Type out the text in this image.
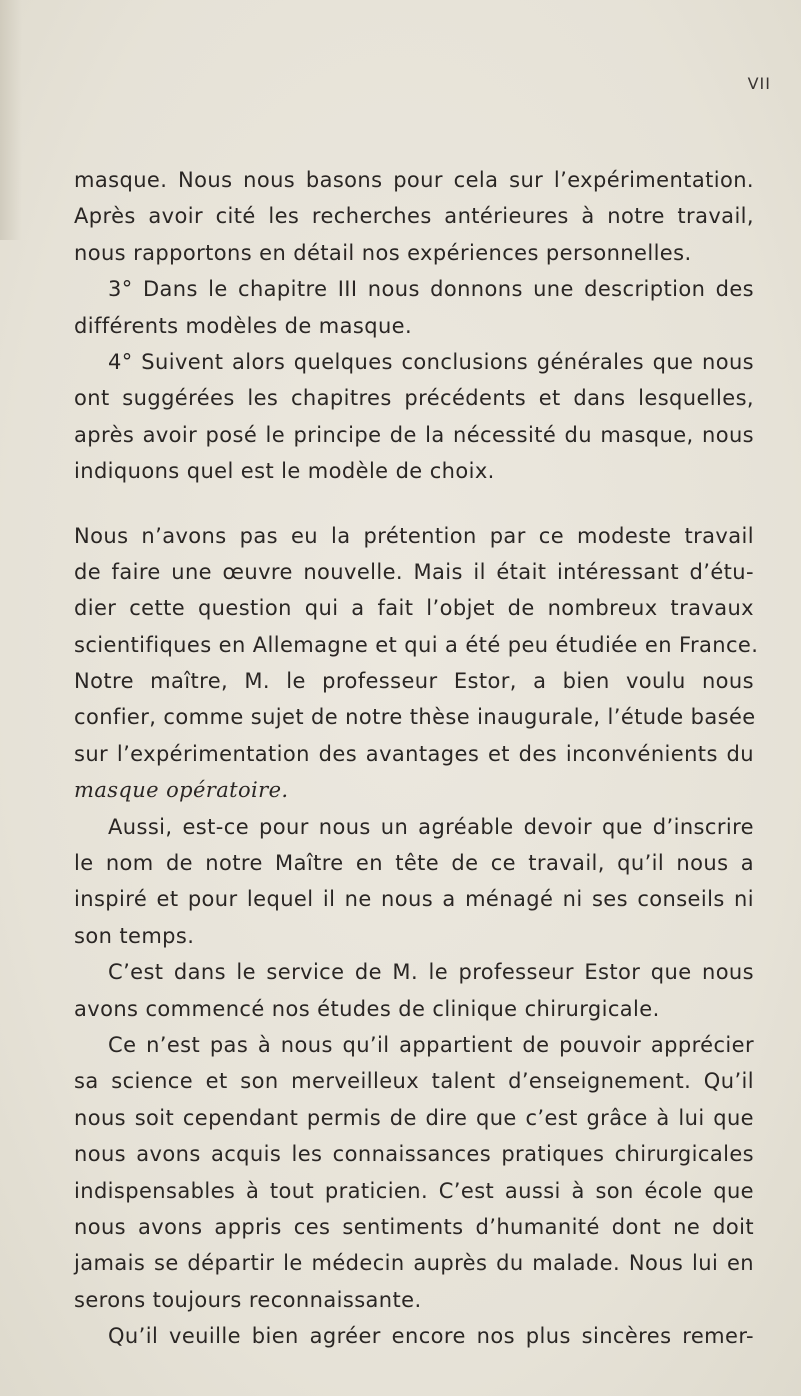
VII
masque. Nous nous basons pour cela sur l’expérimentation.
Après avoir cité les recherches antérieures à notre travail,
nous rapportons en détail nos expériences personnelles.
3° Dans le chapitre III nous donnons une description des
différents modèles de masque.
4° Suivent alors quelques conclusions générales que nous
ont suggérées les chapitres précédents et dans lesquelles,
après avoir posé le principe de la nécessité du masque, nous
indiquons quel est le modèle de choix.
Nous n’avons pas eu la prétention par ce modeste travail
de faire une œuvre nouvelle. Mais il était intéressant d’étu-
dier cette question qui a fait l’objet de nombreux travaux
scientifiques en Allemagne et qui a été peu étudiée en France.
Notre maître, M. le professeur Estor, a bien voulu nous
confier, comme sujet de notre thèse inaugurale, l’étude basée
sur l’expérimentation des avantages et des inconvénients du
masque opératoire.
Aussi, est-ce pour nous un agréable devoir que d’inscrire
le nom de notre Maître en tête de ce travail, qu’il nous a
inspiré et pour lequel il ne nous a ménagé ni ses conseils ni
son temps.
C’est dans le service de M. le professeur Estor que nous
avons commencé nos études de clinique chirurgicale.
Ce n’est pas à nous qu’il appartient de pouvoir apprécier
sa science et son merveilleux talent d’enseignement. Qu’il
nous soit cependant permis de dire que c’est grâce à lui que
nous avons acquis les connaissances pratiques chirurgicales
indispensables à tout praticien. C’est aussi à son école que
nous avons appris ces sentiments d’humanité dont ne doit
jamais se départir le médecin auprès du malade. Nous lui en
serons toujours reconnaissante.
Qu’il veuille bien agréer encore nos plus sincères remer-
